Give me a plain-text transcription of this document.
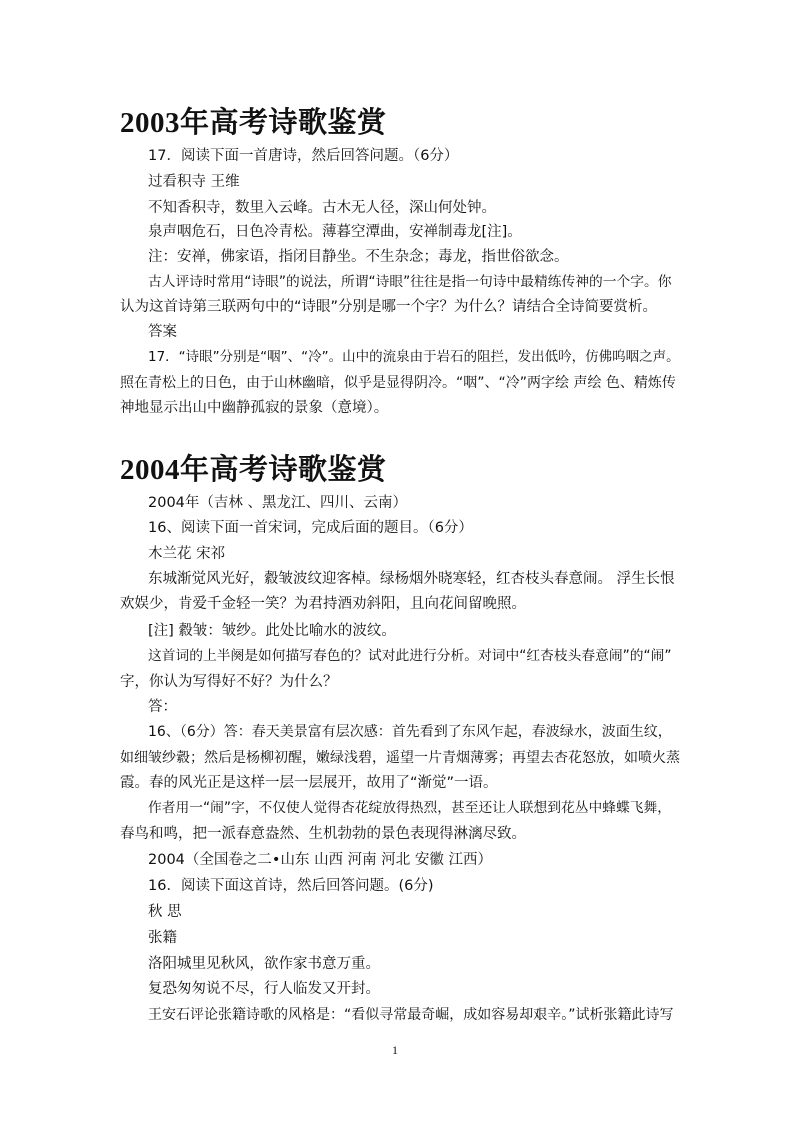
2003年高考诗歌鉴赏
17．阅读下面一首唐诗，然后回答问题。（6分）
过看积寺 王维
不知香积寺，数里入云峰。古木无人径，深山何处钟。
泉声咽危石，日色冷青松。薄暮空潭曲，安禅制毒龙[注]。
注：安禅，佛家语，指闭目静坐。不生杂念；毒龙，指世俗欲念。
古人评诗时常用“诗眼”的说法，所谓“诗眼”往往是指一句诗中最精练传神的一个字。你
认为这首诗第三联两句中的“诗眼”分别是哪一个字？为什么？请结合全诗简要赏析。
答案
17．“诗眼”分别是“咽”、“冷”。山中的流泉由于岩石的阻拦，发出低吟，仿佛呜咽之声。
照在青松上的日色，由于山林幽暗，似乎是显得阴冷。“咽”、“冷”两字绘 声绘 色、精炼传
神地显示出山中幽静孤寂的景象（意境）。
2004年高考诗歌鉴赏
2004年（吉林 、黑龙江、四川、云南）
16、阅读下面一首宋词，完成后面的题目。（6分）
木兰花 宋祁
东城渐觉风光好，縠皱波纹迎客棹。绿杨烟外晓寒轻，红杏枝头春意闹。 浮生长恨
欢娱少，肯爱千金轻一笑？为君持酒劝斜阳，且向花间留晚照。
[注] 縠皱：皱纱。此处比喻水的波纹。
这首词的上半阕是如何描写春色的？试对此进行分析。对词中“红杏枝头春意闹”的“闹”
字，你认为写得好不好？为什么？
答：
16、（6分）答：春天美景富有层次感：首先看到了东风乍起，春波绿水，波面生纹，
如细皱纱縠；然后是杨柳初醒，嫩绿浅碧，遥望一片青烟薄雾；再望去杏花怒放，如喷火蒸
霞。春的风光正是这样一层一层展开，故用了“渐觉”一语。
作者用一“闹”字，不仅使人觉得杏花绽放得热烈，甚至还让人联想到花丛中蜂蝶飞舞，
春鸟和鸣，把一派春意盎然、生机勃勃的景色表现得淋漓尽致。
2004（全国卷之二•山东 山西 河南 河北 安徽 江西）
16．阅读下面这首诗，然后回答问题。(6分)
秋 思
张籍
洛阳城里见秋风，欲作家书意万重。
复恐匆匆说不尽，行人临发又开封。
王安石评论张籍诗歌的风格是：“看似寻常最奇崛，成如容易却艰辛。”试析张籍此诗写
1
